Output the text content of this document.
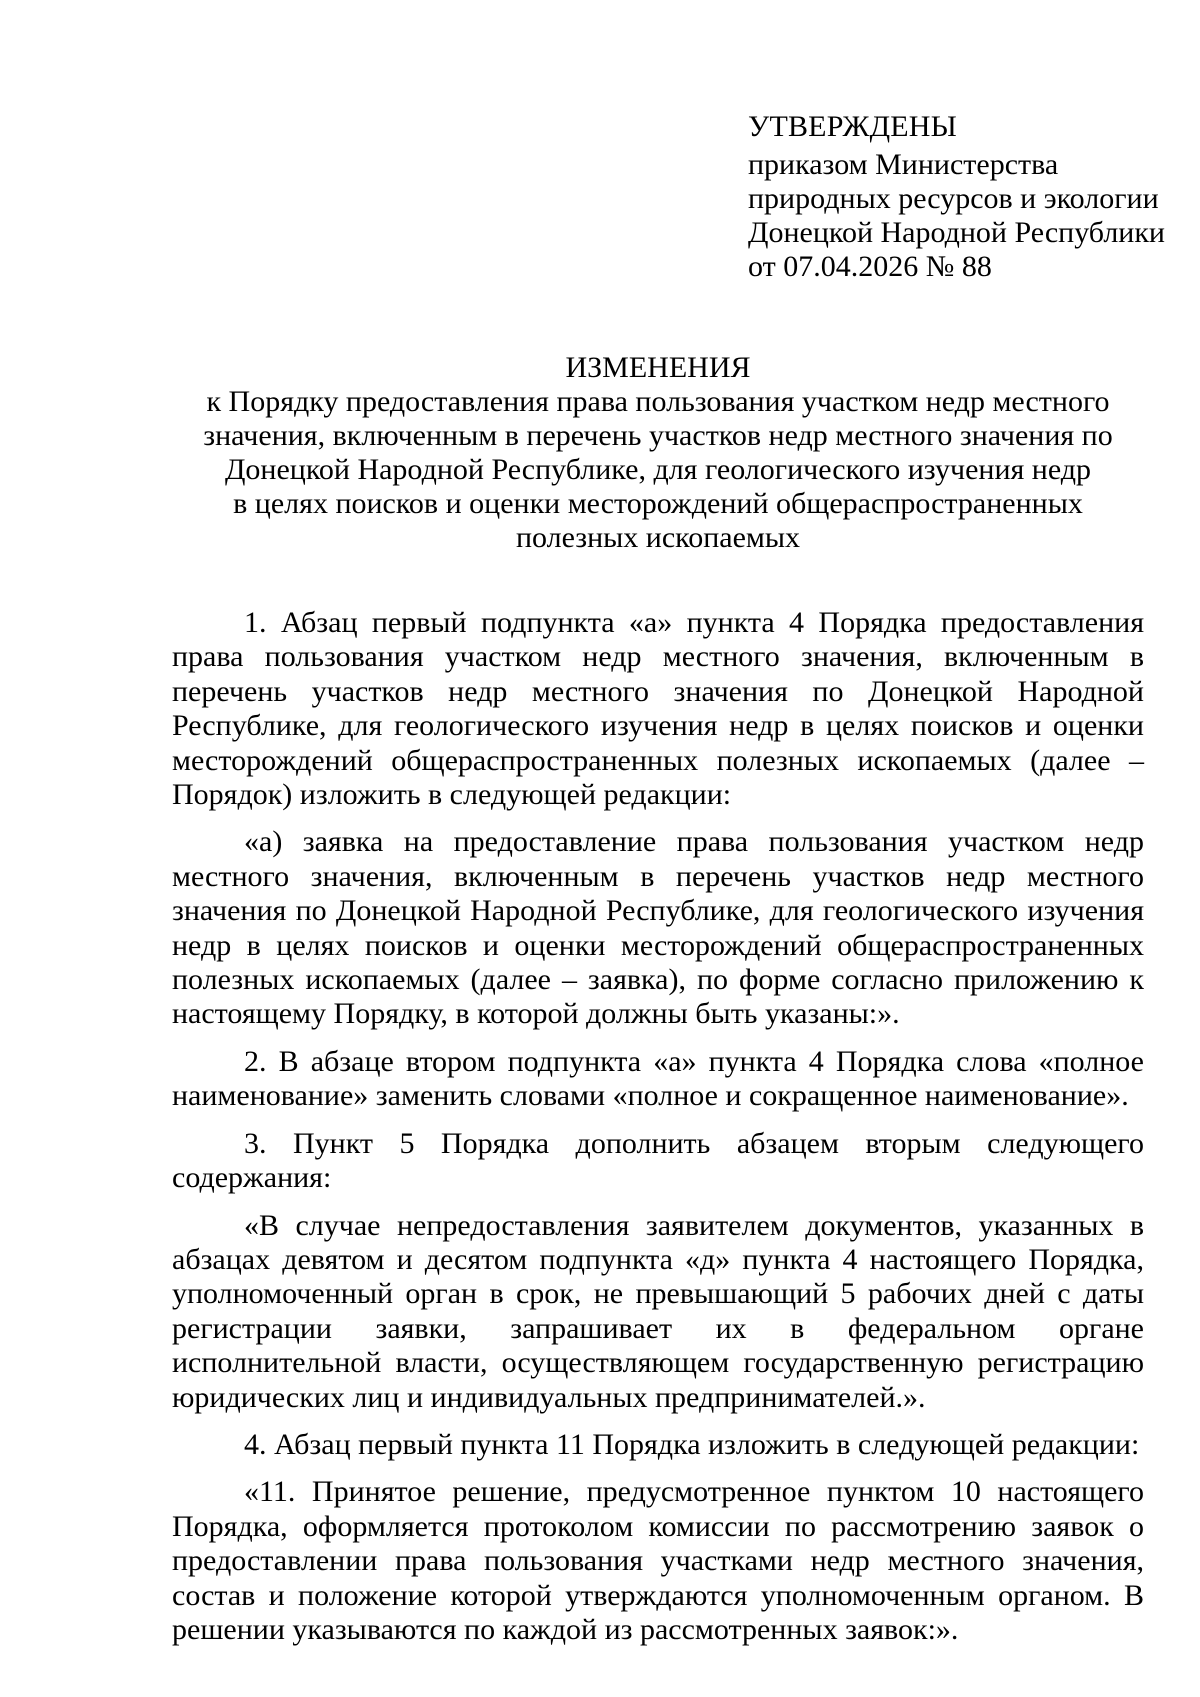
УТВЕРЖДЕНЫ
приказом Министерства
природных ресурсов и экологии
Донецкой Народной Республики
от 07.04.2026 № 88
ИЗМЕНЕНИЯ
к Порядку предоставления права пользования участком недр местного
значения, включенным в перечень участков недр местного значения по
Донецкой Народной Республике, для геологического изучения недр
в целях поисков и оценки месторождений общераспространенных
полезных ископаемых

1. Абзац первый подпункта «а» пункта 4 Порядка предоставления права пользования участком недр местного значения, включенным в перечень участков недр местного значения по Донецкой Народной Республике, для геологического изучения недр в целях поисков и оценки месторождений общераспространенных полезных ископаемых (далее – Порядок) изложить в следующей редакции:

«а) заявка на предоставление права пользования участком недр местного значения, включенным в перечень участков недр местного значения по Донецкой Народной Республике, для геологического изучения недр в целях поисков и оценки месторождений общераспространенных полезных ископаемых (далее – заявка), по форме согласно приложению к настоящему Порядку, в которой должны быть указаны:».

2. В абзаце втором подпункта «а» пункта 4 Порядка слова «полное наименование» заменить словами «полное и сокращенное наименование».

3. Пункт 5 Порядка дополнить абзацем вторым следующего содержания:

«В случае непредоставления заявителем документов, указанных в абзацах девятом и десятом подпункта «д» пункта 4 настоящего Порядка, уполномоченный орган в срок, не превышающий 5 рабочих дней с даты регистрации заявки, запрашивает их в федеральном органе исполнительной власти, осуществляющем государственную регистрацию юридических лиц и индивидуальных предпринимателей.».

4. Абзац первый пункта 11 Порядка изложить в следующей редакции:

«11. Принятое решение, предусмотренное пунктом 10 настоящего Порядка, оформляется протоколом комиссии по рассмотрению заявок о предоставлении права пользования участками недр местного значения, состав и положение которой утверждаются уполномоченным органом. В решении указываются по каждой из рассмотренных заявок:».
